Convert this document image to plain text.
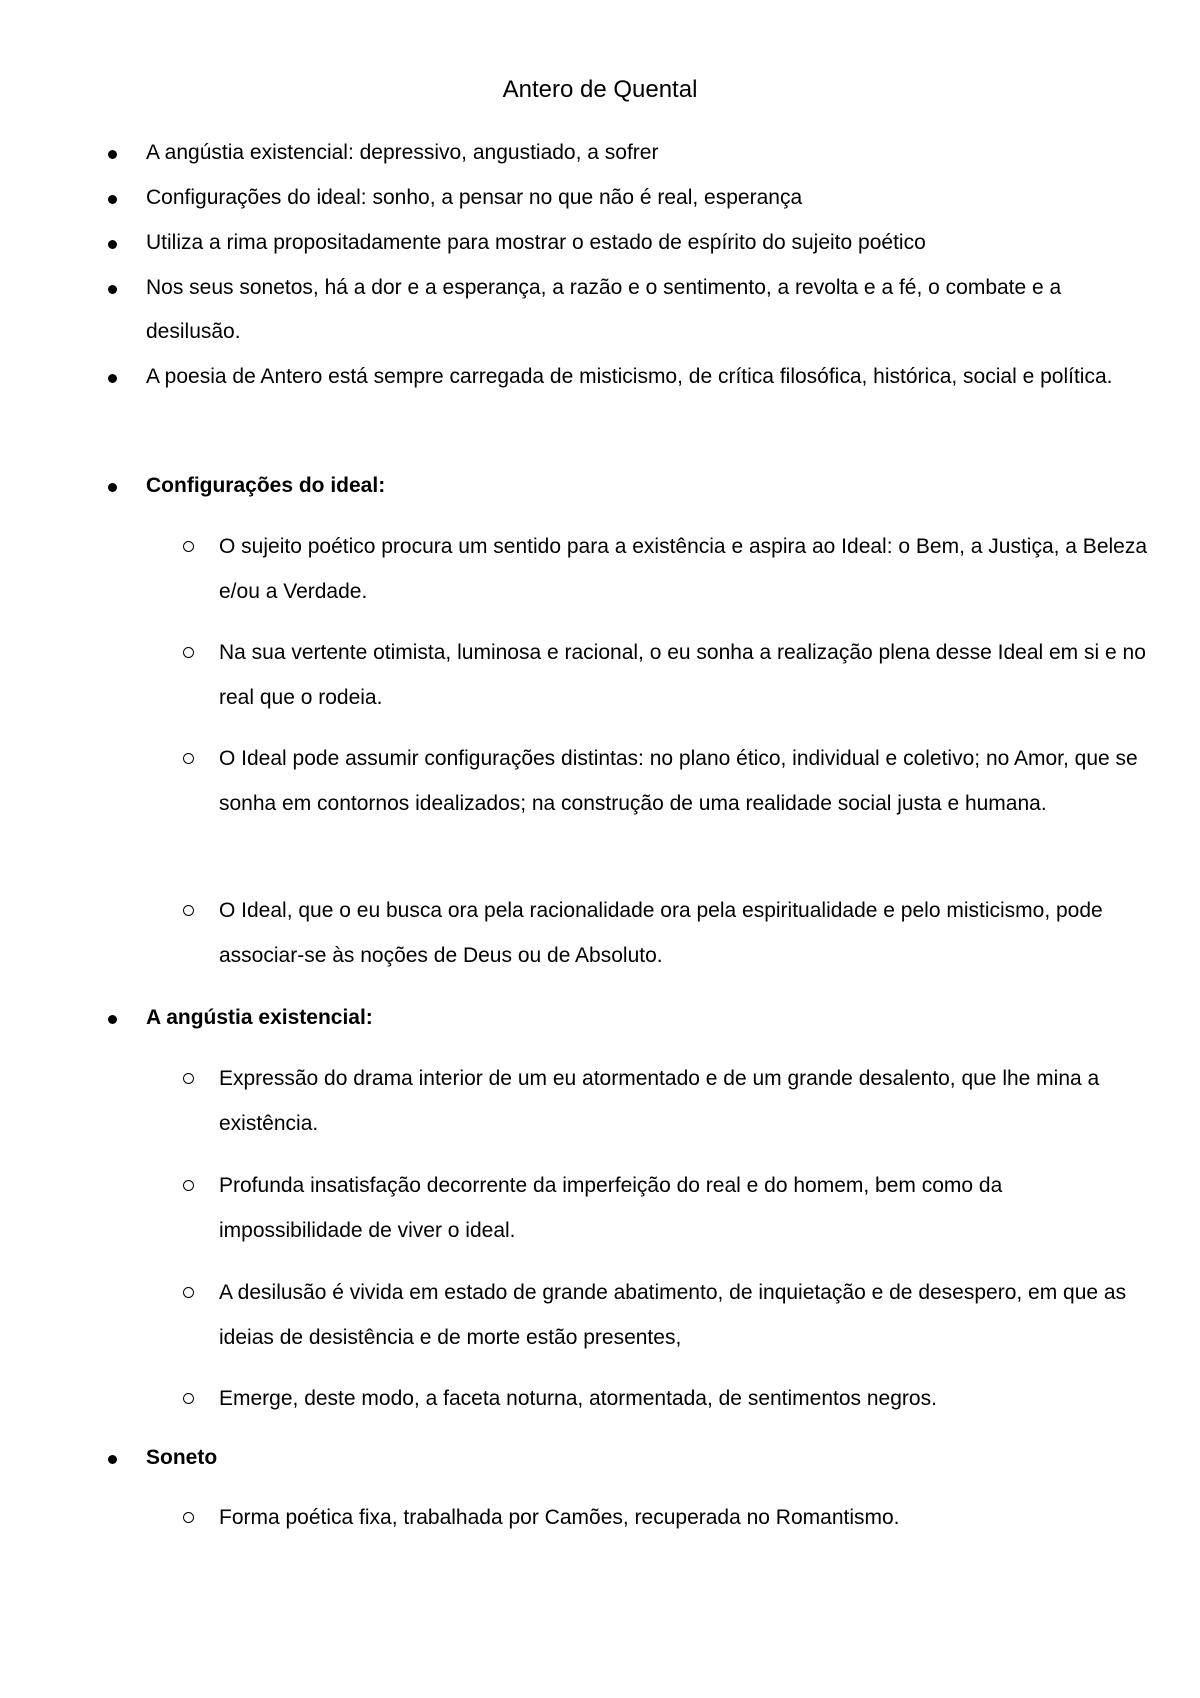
Antero de Quental
A angústia existencial: depressivo, angustiado, a sofrer
Configurações do ideal: sonho, a pensar no que não é real, esperança
Utiliza a rima propositadamente para mostrar o estado de espírito do sujeito poético
Nos seus sonetos, há a dor e a esperança, a razão e o sentimento, a revolta e a fé, o combate e a desilusão.
A poesia de Antero está sempre carregada de misticismo, de crítica filosófica, histórica, social e política.
Configurações do ideal:
O sujeito poético procura um sentido para a existência e aspira ao Ideal: o Bem, a Justiça, a Beleza e/ou a Verdade.
Na sua vertente otimista, luminosa e racional, o eu sonha a realização plena desse Ideal em si e no real que o rodeia.
O Ideal pode assumir configurações distintas: no plano ético, individual e coletivo; no Amor, que se sonha em contornos idealizados; na construção de uma realidade social justa e humana.
O Ideal, que o eu busca ora pela racionalidade ora pela espiritualidade e pelo misticismo, pode associar-se às noções de Deus ou de Absoluto.
A angústia existencial:
Expressão do drama interior de um eu atormentado e de um grande desalento, que lhe mina a existência.
Profunda insatisfação decorrente da imperfeição do real e do homem, bem como da impossibilidade de viver o ideal.
A desilusão é vivida em estado de grande abatimento, de inquietação e de desespero, em que as ideias de desistência e de morte estão presentes,
Emerge, deste modo, a faceta noturna, atormentada, de sentimentos negros.
Soneto
Forma poética fixa, trabalhada por Camões, recuperada no Romantismo.
